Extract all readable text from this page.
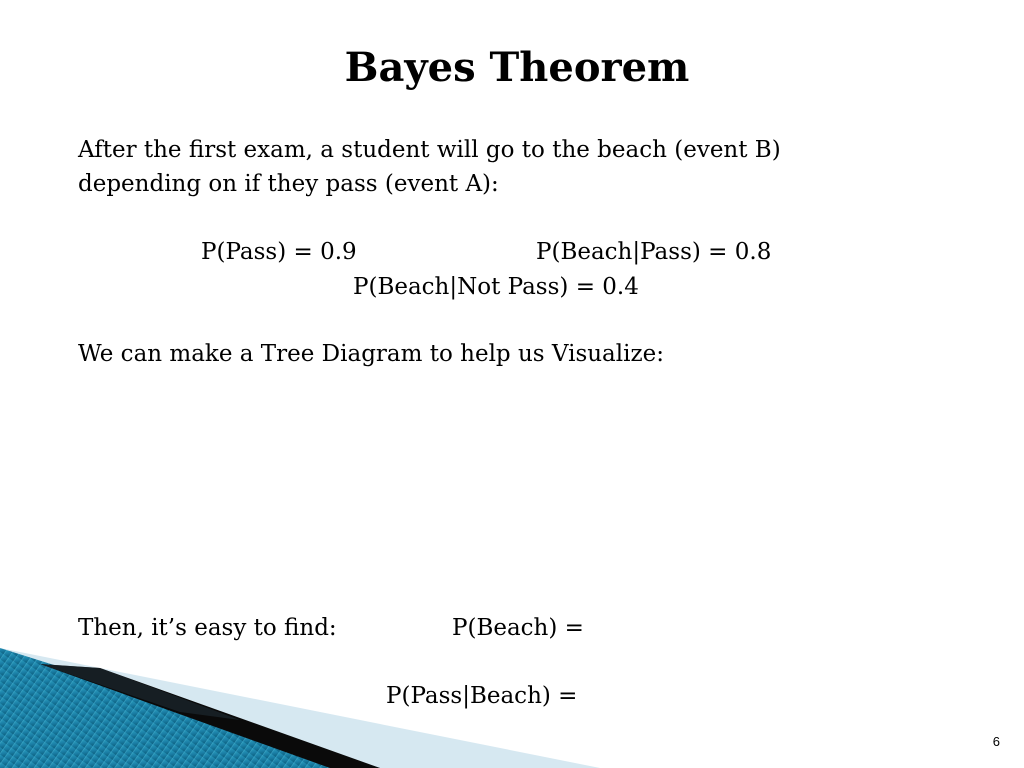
Bayes Theorem
After the first exam, a student will go to the beach (event B)
depending on if they pass (event A):
P(Pass) = 0.9	P(Beach|Pass) = 0.8
P(Beach|Not Pass) = 0.4
We can make a Tree Diagram to help us Visualize:
Then, it’s easy to find:	P(Beach) =
P(Pass|Beach) =
6
